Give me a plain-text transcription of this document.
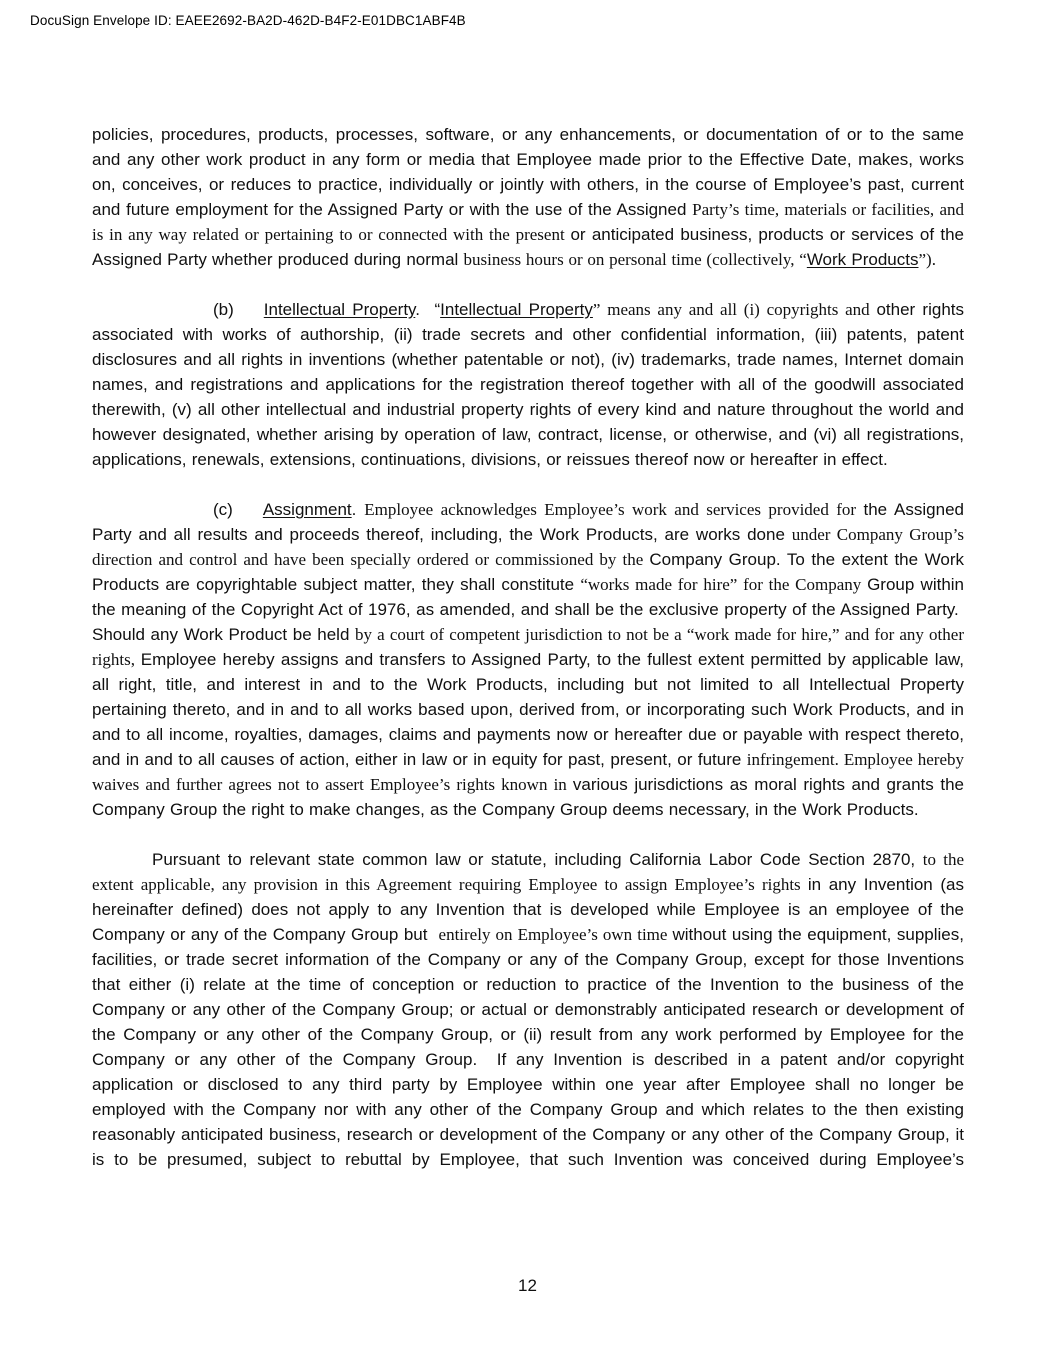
DocuSign Envelope ID: EAEE2692-BA2D-462D-B4F2-E01DBC1ABF4B

policies, procedures, products, processes, software, or any enhancements, or documentation of or to the same and any other work product in any form or media that Employee made prior to the Effective Date, makes, works on, conceives, or reduces to practice, individually or jointly with others, in the course of Employee’s past, current and future employment for the Assigned Party or with the use of the Assigned Party’s time, materials or facilities, and is in any way related or pertaining to or connected with the present or anticipated business, products or services of the Assigned Party whether produced during normal business hours or on personal time (collectively, “Work Products”).

(b) Intellectual Property.  “Intellectual Property” means any and all (i) copyrights and other rights associated with works of authorship, (ii) trade secrets and other confidential information, (iii) patents, patent disclosures and all rights in inventions (whether patentable or not), (iv) trademarks, trade names, Internet domain names, and registrations and applications for the registration thereof together with all of the goodwill associated therewith, (v) all other intellectual and industrial property rights of every kind and nature throughout the world and however designated, whether arising by operation of law, contract, license, or otherwise, and (vi) all registrations, applications, renewals, extensions, continuations, divisions, or reissues thereof now or hereafter in effect.

(c) Assignment. Employee acknowledges Employee’s work and services provided for the Assigned Party and all results and proceeds thereof, including, the Work Products, are works done under Company Group’s direction and control and have been specially ordered or commissioned by the Company Group. To the extent the Work Products are copyrightable subject matter, they shall constitute “works made for hire” for the Company Group within the meaning of the Copyright Act of 1976, as amended, and shall be the exclusive property of the Assigned Party.  Should any Work Product be held by a court of competent jurisdiction to not be a “work made for hire,” and for any other rights, Employee hereby assigns and transfers to Assigned Party, to the fullest extent permitted by applicable law, all right, title, and interest in and to the Work Products, including but not limited to all Intellectual Property pertaining thereto, and in and to all works based upon, derived from, or incorporating such Work Products, and in and to all income, royalties, damages, claims and payments now or hereafter due or payable with respect thereto, and in and to all causes of action, either in law or in equity for past, present, or future infringement. Employee hereby waives and further agrees not to assert Employee’s rights known in various jurisdictions as moral rights and grants the Company Group the right to make changes, as the Company Group deems necessary, in the Work Products.

Pursuant to relevant state common law or statute, including California Labor Code Section 2870, to the extent applicable, any provision in this Agreement requiring Employee to assign Employee’s rights in any Invention (as hereinafter defined) does not apply to any Invention that is developed while Employee is an employee of the Company or any of the Company Group but  entirely on Employee’s own time without using the equipment, supplies, facilities, or trade secret information of the Company or any of the Company Group, except for those Inventions that either (i) relate at the time of conception or reduction to practice of the Invention to the business of the Company or any other of the Company Group; or actual or demonstrably anticipated research or development of the Company or any other of the Company Group, or (ii) result from any work performed by Employee for the Company or any other of the Company Group.  If any Invention is described in a patent and/or copyright application or disclosed to any third party by Employee within one year after Employee shall no longer be employed with the Company nor with any other of the Company Group and which relates to the then existing reasonably anticipated business, research or development of the Company or any other of the Company Group, it is to be presumed, subject to rebuttal by Employee, that such Invention was conceived during Employee’s

12
